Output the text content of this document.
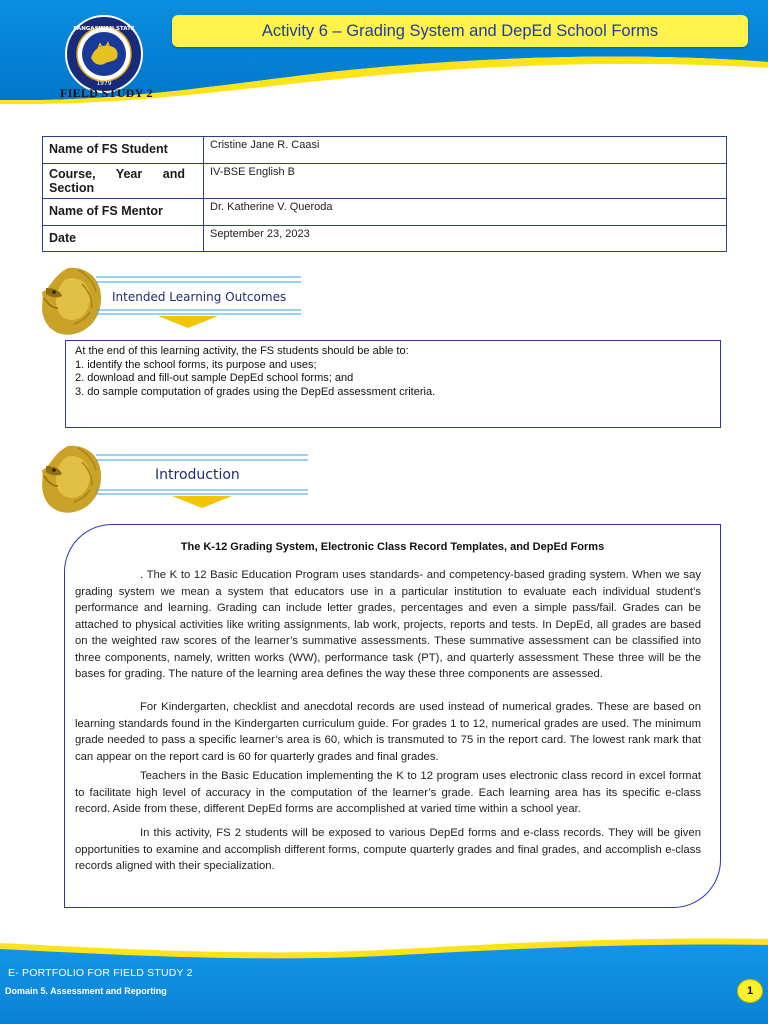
Activity 6 – Grading System and DepEd School Forms
PANGASINAN STATE
1979
FIELD STUDY 2
Name of FS Student	Cristine Jane R. Caasi

Course, Year and Section	IV-BSE English B
Name of FS Mentor	Dr. Katherine V. Queroda
Date	September 23, 2023
Intended Learning Outcomes
At the end of this learning activity, the FS students should be able to:
1. identify the school forms, its purpose and uses;
2. download and fill-out sample DepEd school forms; and
3. do sample computation of grades using the DepEd assessment criteria.
Introduction
The K-12 Grading System, Electronic Class Record Templates, and DepEd Forms

. The K to 12 Basic Education Program uses standards- and competency-based grading system. When we say grading system we mean a system that educators use in a particular institution to evaluate each individual student’s performance and learning. Grading can include letter grades, percentages and even a simple pass/fail. Grades can be attached to physical activities like writing assignments, lab work, projects, reports and tests. In DepEd, all grades are based on the weighted raw scores of the learner’s summative assessments. These summative assessment can be classified into three components, namely, written works (WW), performance task (PT), and quarterly assessment These three will be the bases for grading. The nature of the learning area defines the way these three components are assessed.

For Kindergarten, checklist and anecdotal records are used instead of numerical grades. These are based on learning standards found in the Kindergarten curriculum guide. For grades 1 to 12, numerical grades are used. The minimum grade needed to pass a specific learner’s area is 60, which is transmuted to 75 in the report card. The lowest rank mark that can appear on the report card is 60 for quarterly grades and final grades.

Teachers in the Basic Education implementing the K to 12 program uses electronic class record in excel format to facilitate high level of accuracy in the computation of the learner’s grade. Each learning area has its specific e-class record. Aside from these, different DepEd forms are accomplished at varied time within a school year.

In this activity, FS 2 students will be exposed to various DepEd forms and e-class records. They will be given opportunities to examine and accomplish different forms, compute quarterly grades and final grades, and accomplish e-class records aligned with their specialization.

E- PORTFOLIO FOR FIELD STUDY 2
Domain 5. Assessment and Reporting	1
